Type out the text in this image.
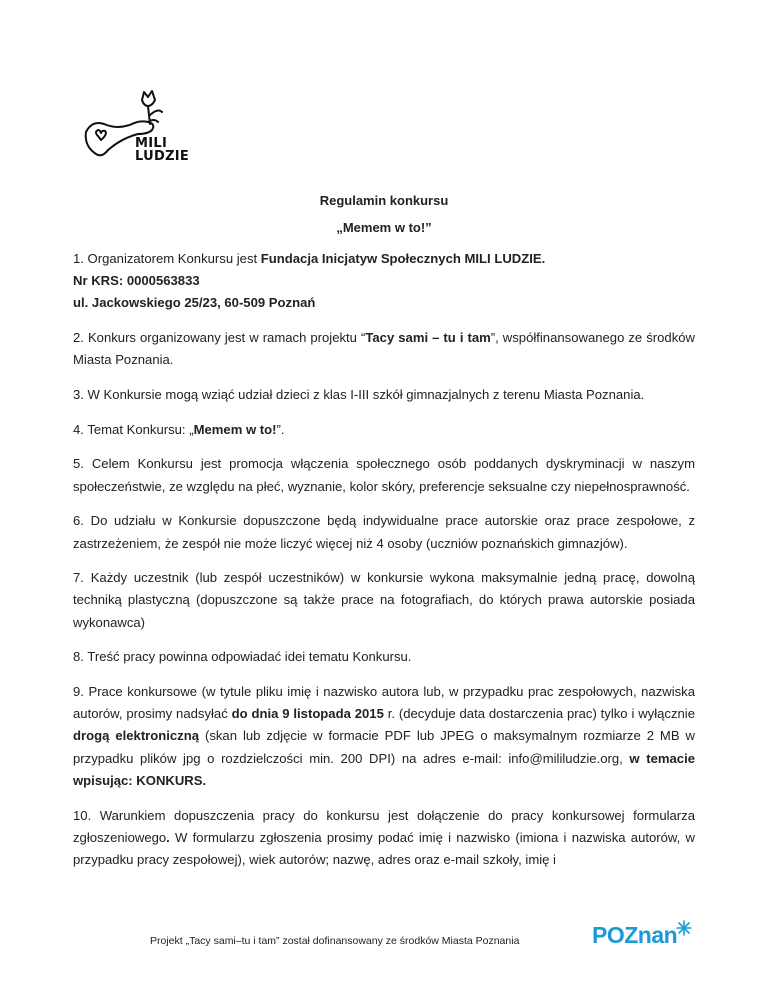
MILI
LUDZIE
Regulamin konkursu
„Memem w to!”

1. Organizatorem Konkursu jest Fundacja Inicjatyw Społecznych MILI LUDZIE.

Nr KRS: 0000563833

ul. Jackowskiego 25/23, 60-509 Poznań

2. Konkurs organizowany jest w ramach projektu “Tacy sami – tu i tam”, współfinansowanego ze środków Miasta Poznania.

3. W Konkursie mogą wziąć udział dzieci z klas I-III szkół gimnazjalnych z terenu Miasta Poznania.

4. Temat Konkursu: „Memem w to!”.

5. Celem Konkursu jest promocja włączenia społecznego osób poddanych dyskryminacji w naszym społeczeństwie, ze względu na płeć, wyznanie, kolor skóry, preferencje seksualne czy niepełnosprawność.

6. Do udziału w Konkursie dopuszczone będą indywidualne prace autorskie oraz prace zespołowe, z zastrzeżeniem, że zespół nie może liczyć więcej niż 4 osoby (uczniów poznańskich gimnazjów).

7. Każdy uczestnik (lub zespół uczestników) w konkursie wykona maksymalnie jedną pracę, dowolną techniką plastyczną (dopuszczone są także prace na fotografiach, do których prawa autorskie posiada wykonawca)

8. Treść pracy powinna odpowiadać idei tematu Konkursu.

9. Prace konkursowe (w tytule pliku imię i nazwisko autora lub, w przypadku prac zespołowych, nazwiska autorów, prosimy nadsyłać do dnia 9 listopada 2015 r. (decyduje data dostarczenia prac) tylko i wyłącznie drogą elektroniczną (skan lub zdjęcie w formacie PDF lub JPEG o maksymalnym rozmiarze 2 MB w przypadku plików jpg o rozdzielczości min. 200 DPI) na adres e-mail: info@mililudzie.org, w temacie wpisując: KONKURS.

10. Warunkiem dopuszczenia pracy do konkursu jest dołączenie do pracy konkursowej formularza zgłoszeniowego. W formularzu zgłoszenia prosimy podać imię i nazwisko (imiona i nazwiska autorów, w przypadku pracy zespołowej), wiek autorów; nazwę, adres oraz e-mail szkoły, imię i

Projekt „Tacy sami–tu i tam” został dofinansowany ze środków Miasta Poznania	POZnan
